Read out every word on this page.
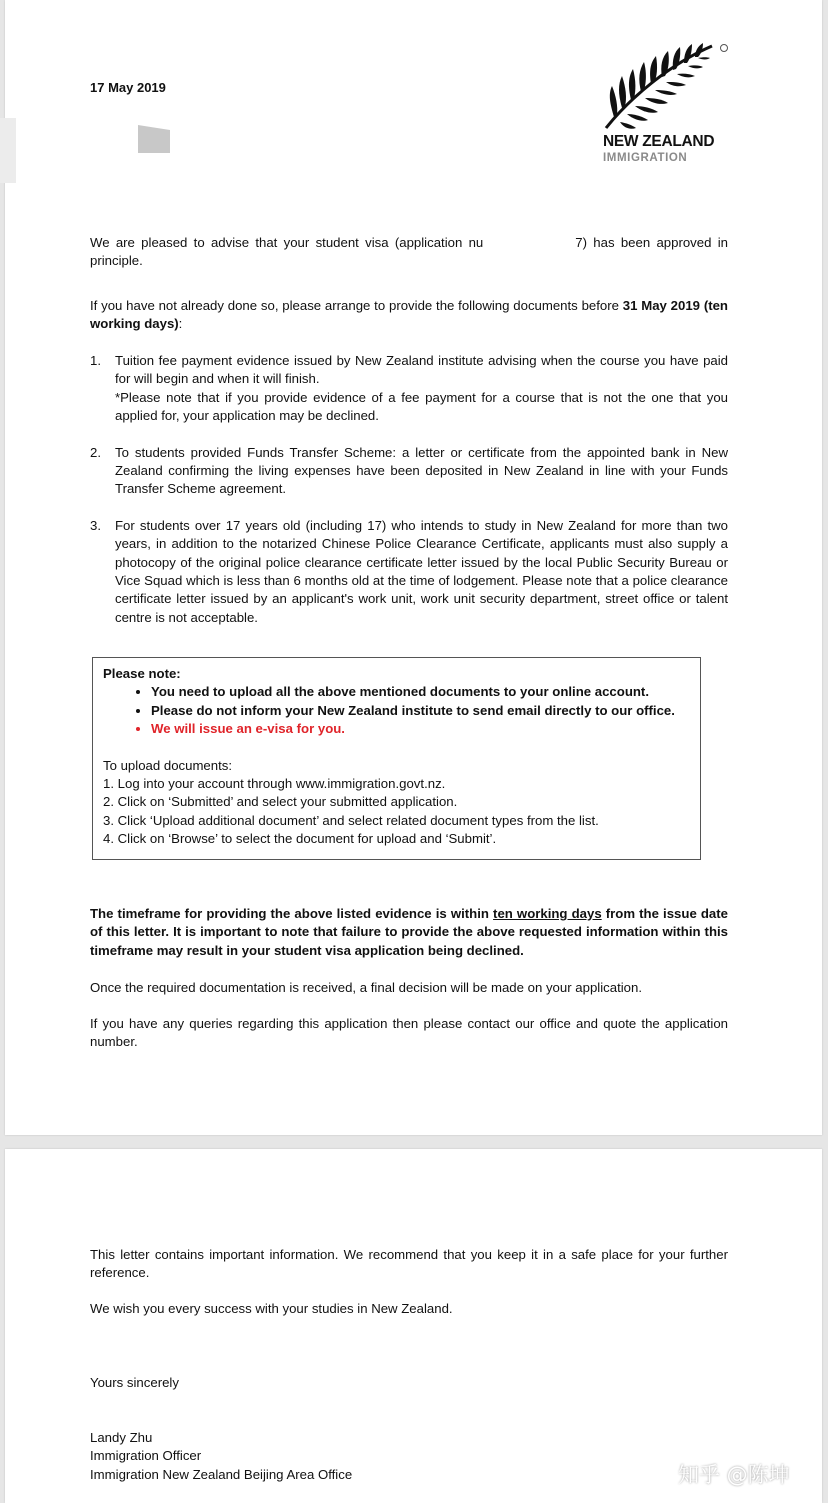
17 May 2019
NEW ZEALAND
IMMIGRATION
We are pleased to advise that your student visa (application nu	7) has been approved in principle.
If you have not already done so, please arrange to provide the following documents before 31 May 2019 (ten working days):
1. Tuition fee payment evidence issued by New Zealand institute advising when the course you have paid for will begin and when it will finish.
*Please note that if you provide evidence of a fee payment for a course that is not the one that you applied for, your application may be declined.
2. To students provided Funds Transfer Scheme: a letter or certificate from the appointed bank in New Zealand confirming the living expenses have been deposited in New Zealand in line with your Funds Transfer Scheme agreement.
3. For students over 17 years old (including 17) who intends to study in New Zealand for more than two years, in addition to the notarized Chinese Police Clearance Certificate, applicants must also supply a photocopy of the original police clearance certificate letter issued by the local Public Security Bureau or Vice Squad which is less than 6 months old at the time of lodgement. Please note that a police clearance certificate letter issued by an applicant's work unit, work unit security department, street office or talent centre is not acceptable.
Please note:
• You need to upload all the above mentioned documents to your online account.
• Please do not inform your New Zealand institute to send email directly to our office.
• We will issue an e-visa for you.
To upload documents:
1. Log into your account through www.immigration.govt.nz.
2. Click on ‘Submitted’ and select your submitted application.
3. Click ‘Upload additional document’ and select related document types from the list.
4. Click on ‘Browse’ to select the document for upload and ‘Submit’.
The timeframe for providing the above listed evidence is within ten working days from the issue date of this letter. It is important to note that failure to provide the above requested information within this timeframe may result in your student visa application being declined.
Once the required documentation is received, a final decision will be made on your application.
If you have any queries regarding this application then please contact our office and quote the application number.
This letter contains important information. We recommend that you keep it in a safe place for your further reference.
We wish you every success with your studies in New Zealand.
Yours sincerely
Landy Zhu
Immigration Officer
Immigration New Zealand Beijing Area Office	知乎 @陈坤
